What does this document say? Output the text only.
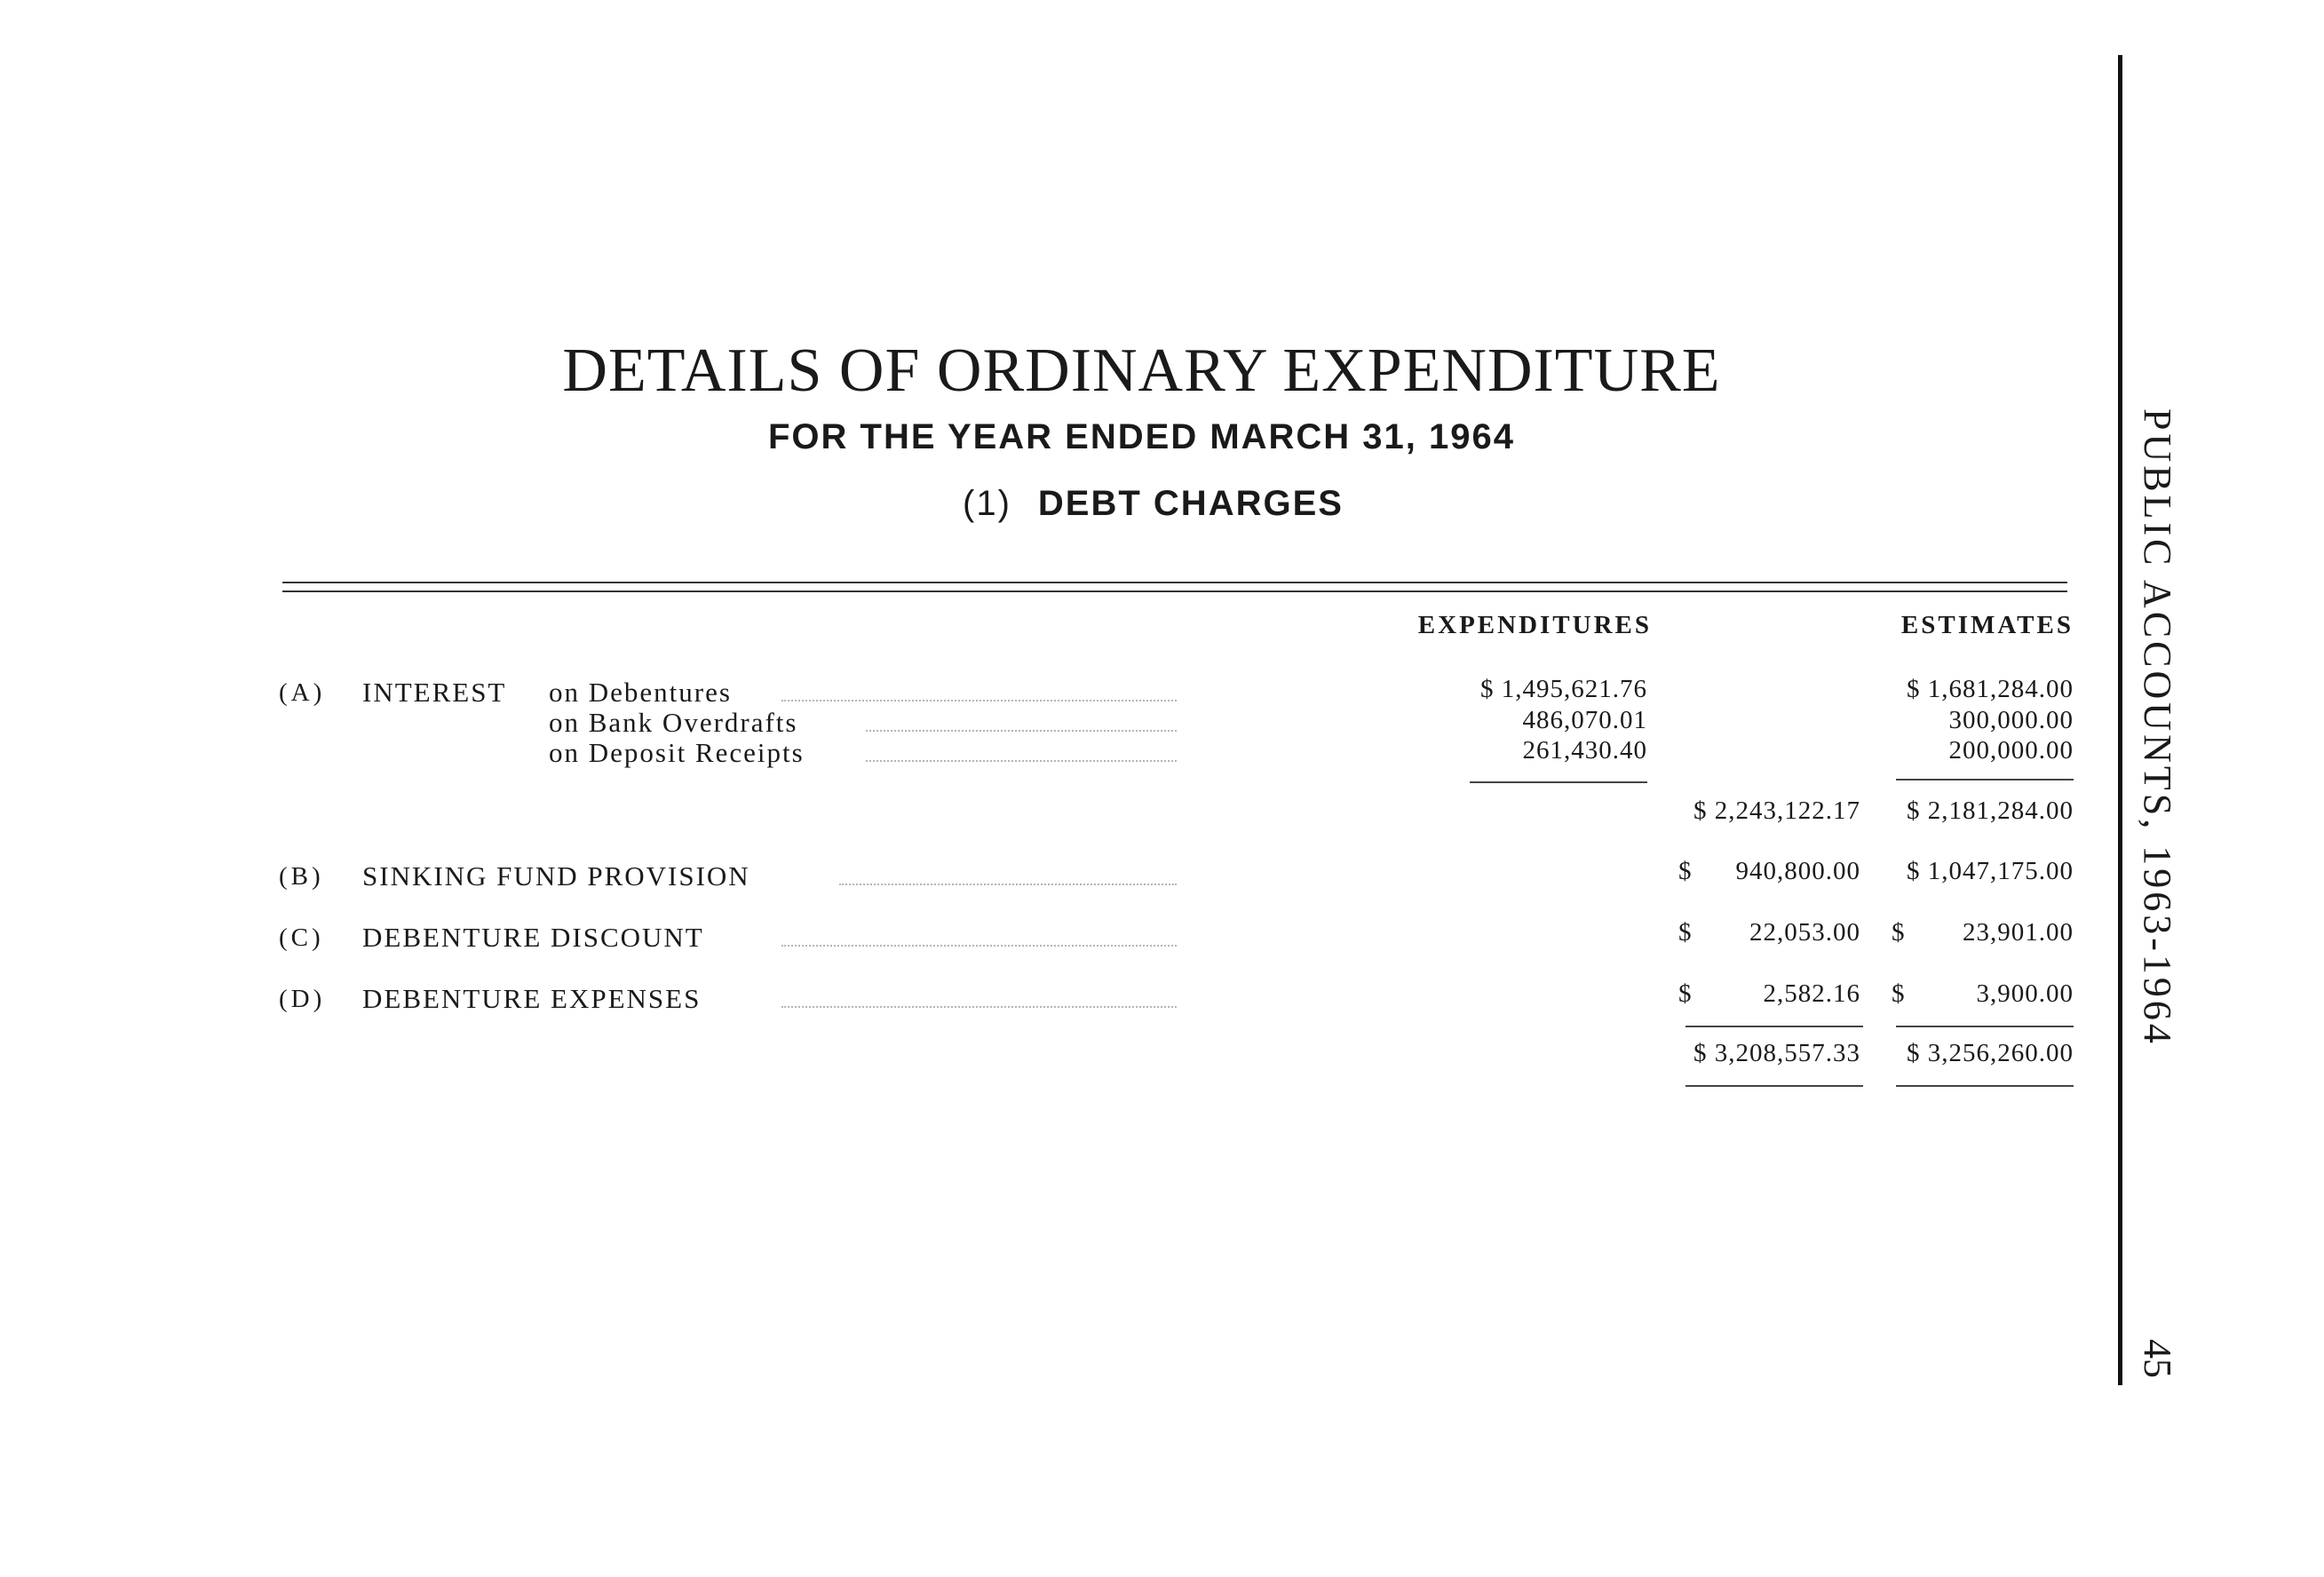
DETAILS OF ORDINARY EXPENDITURE
FOR THE YEAR ENDED MARCH 31, 1964
(1) DEBT CHARGES
EXPENDITURES	ESTIMATES
(A) INTEREST on Debentures	$ 1,495,621.76	$ 1,681,284.00
on Bank Overdrafts	486,070.01	300,000.00
on Deposit Receipts	261,430.40	200,000.00
$ 2,243,122.17	$ 2,181,284.00
(B) SINKING FUND PROVISION	$	940,800.00	$ 1,047,175.00
(C) DEBENTURE DISCOUNT	$	22,053.00 $	23,901.00
(D) DEBENTURE EXPENSES	$	2,582.16 $	3,900.00
$ 3,208,557.33	$ 3,256,260.00
PUBLIC ACCOUNTS, 1963-1964
45
